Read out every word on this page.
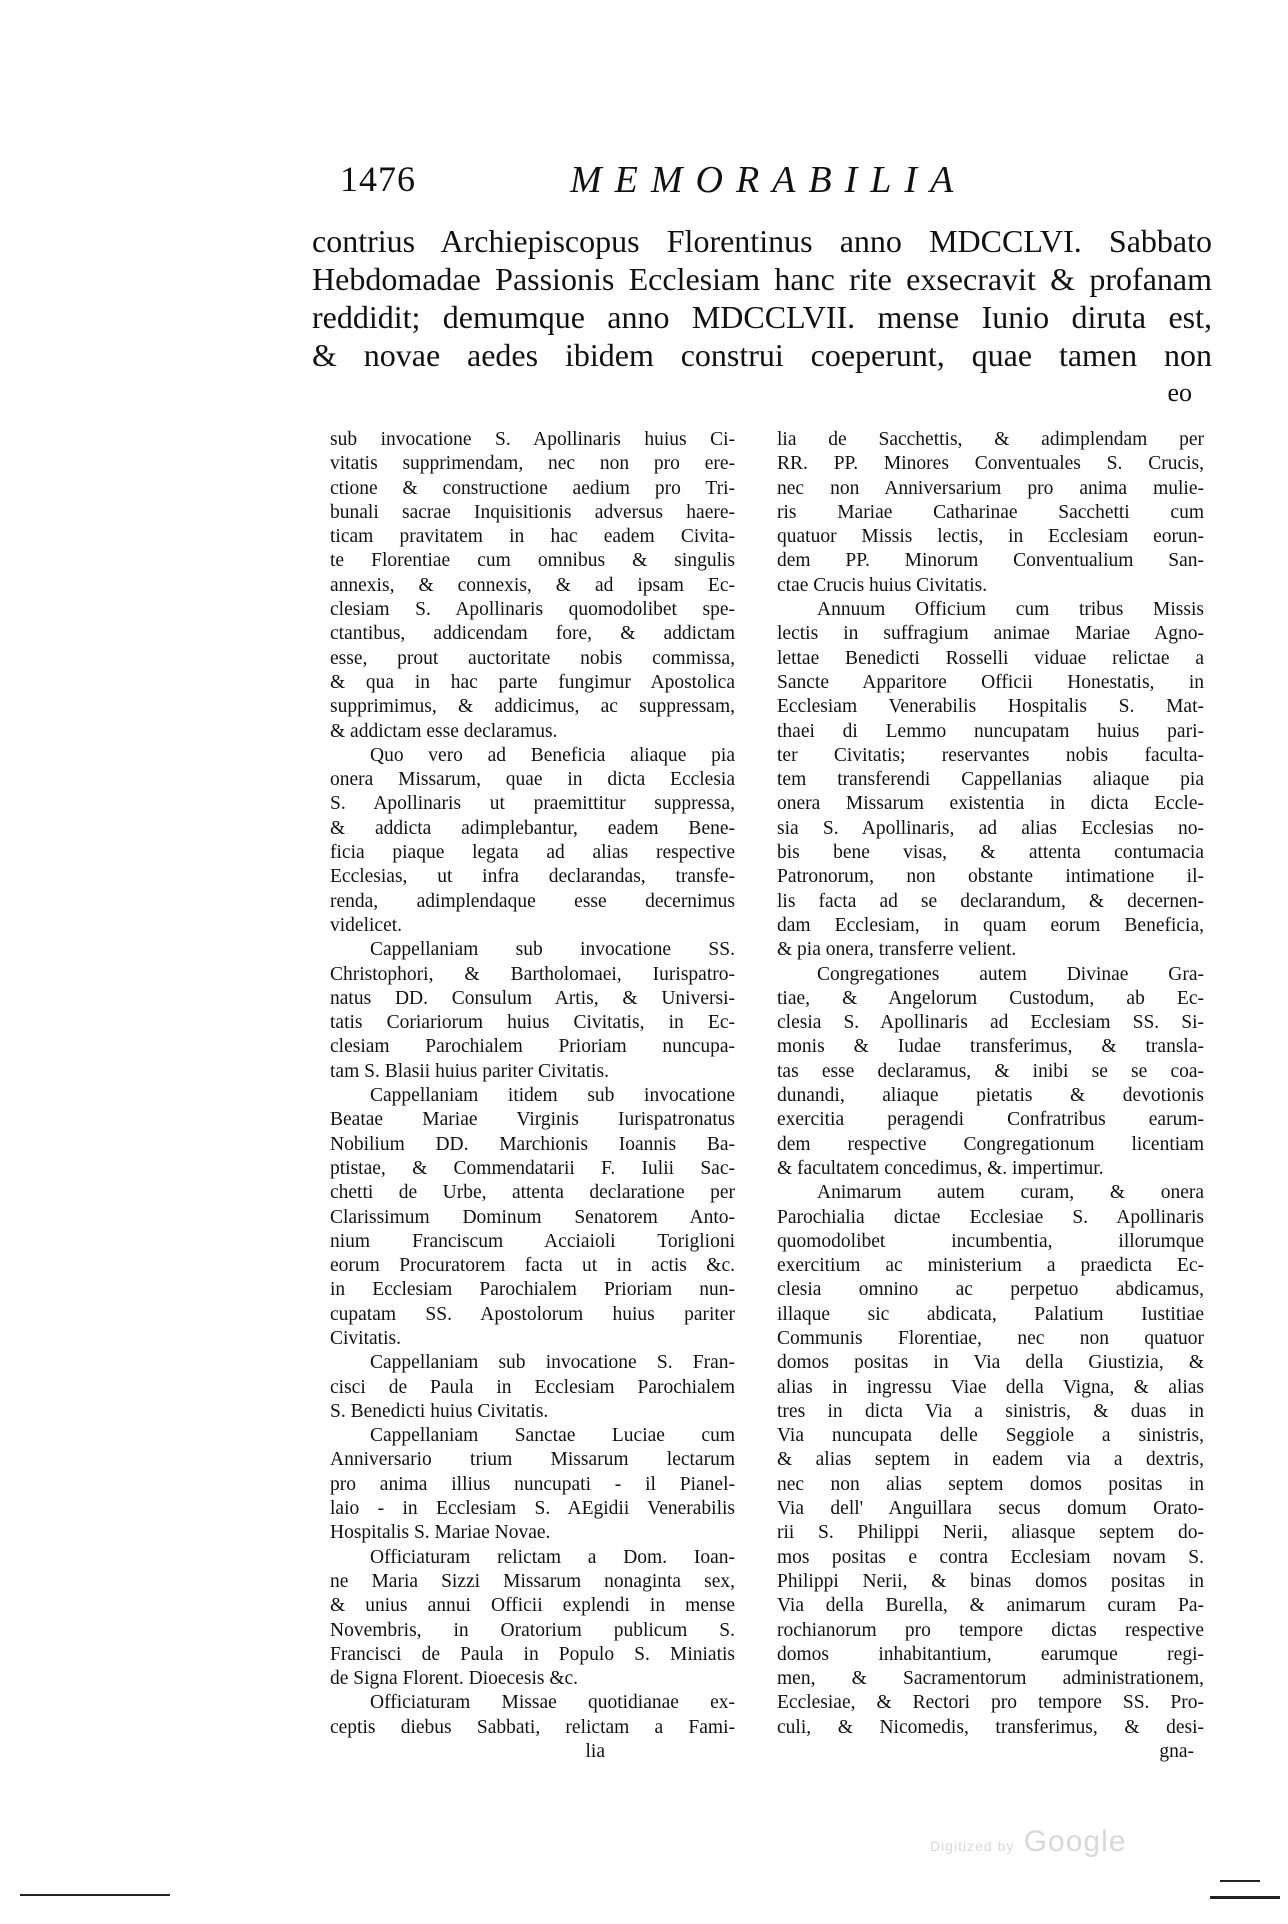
1476	MEMORABILIA
contrius Archiepiscopus Florentinus anno MDCCLVI. Sabbato
Hebdomadae Passionis Ecclesiam hanc rite exsecravit & profanam
reddidit; demumque anno MDCCLVII. mense Iunio diruta est,
& novae aedes ibidem construi coeperunt, quae tamen non
eo
sub invocatione S. Apollinaris huius Ci-
vitatis supprimendam, nec non pro ere-
ctione & constructione aedium pro Tri-
bunali sacrae Inquisitionis adversus haere-
ticam pravitatem in hac eadem Civita-
te Florentiae cum omnibus & singulis
annexis, & connexis, & ad ipsam Ec-
clesiam S. Apollinaris quomodolibet spe-
ctantibus, addicendam fore, & addictam
esse, prout auctoritate nobis commissa,
& qua in hac parte fungimur Apostolica
supprimimus, & addicimus, ac suppressam,
& addictam esse declaramus.
Quo vero ad Beneficia aliaque pia
onera Missarum, quae in dicta Ecclesia
S. Apollinaris ut praemittitur suppressa,
& addicta adimplebantur, eadem Bene-
ficia piaque legata ad alias respective
Ecclesias, ut infra declarandas, transfe-
renda, adimplendaque esse decernimus
videlicet.
Cappellaniam sub invocatione SS.
Christophori, & Bartholomaei, Iurispatro-
natus DD. Consulum Artis, & Universi-
tatis Coriariorum huius Civitatis, in Ec-
clesiam Parochialem Prioriam nuncupa-
tam S. Blasii huius pariter Civitatis.
Cappellaniam itidem sub invocatione
Beatae Mariae Virginis Iurispatronatus
Nobilium DD. Marchionis Ioannis Ba-
ptistae, & Commendatarii F. Iulii Sac-
chetti de Urbe, attenta declaratione per
Clarissimum Dominum Senatorem Anto-
nium Franciscum Acciaioli Toriglioni
eorum Procuratorem facta ut in actis &c.
in Ecclesiam Parochialem Prioriam nun-
cupatam SS. Apostolorum huius pariter
Civitatis.
Cappellaniam sub invocatione S. Fran-
cisci de Paula in Ecclesiam Parochialem
S. Benedicti huius Civitatis.
Cappellaniam Sanctae Luciae cum
Anniversario trium Missarum lectarum
pro anima illius nuncupati - il Pianel-
laio - in Ecclesiam S. AEgidii Venerabilis
Hospitalis S. Mariae Novae.
Officiaturam relictam a Dom. Ioan-
ne Maria Sizzi Missarum nonaginta sex,
& unius annui Officii explendi in mense
Novembris, in Oratorium publicum S.
Francisci de Paula in Populo S. Miniatis
de Signa Florent. Dioecesis &c.
Officiaturam Missae quotidianae ex-
ceptis diebus Sabbati, relictam a Fami-
lia
lia de Sacchettis, & adimplendam per
RR. PP. Minores Conventuales S. Crucis,
nec non Anniversarium pro anima mulie-
ris Mariae Catharinae Sacchetti cum
quatuor Missis lectis, in Ecclesiam eorun-
dem PP. Minorum Conventualium San-
ctae Crucis huius Civitatis.
Annuum Officium cum tribus Missis
lectis in suffragium animae Mariae Agno-
lettae Benedicti Rosselli viduae relictae a
Sancte Apparitore Officii Honestatis, in
Ecclesiam Venerabilis Hospitalis S. Mat-
thaei di Lemmo nuncupatam huius pari-
ter Civitatis; reservantes nobis faculta-
tem transferendi Cappellanias aliaque pia
onera Missarum existentia in dicta Eccle-
sia S. Apollinaris, ad alias Ecclesias no-
bis bene visas, & attenta contumacia
Patronorum, non obstante intimatione il-
lis facta ad se declarandum, & decernen-
dam Ecclesiam, in quam eorum Beneficia,
& pia onera, transferre velient.
Congregationes autem Divinae Gra-
tiae, & Angelorum Custodum, ab Ec-
clesia S. Apollinaris ad Ecclesiam SS. Si-
monis & Iudae transferimus, & transla-
tas esse declaramus, & inibi se se coa-
dunandi, aliaque pietatis & devotionis
exercitia peragendi Confratribus earum-
dem respective Congregationum licentiam
& facultatem concedimus, &. impertimur.
Animarum autem curam, & onera
Parochialia dictae Ecclesiae S. Apollinaris
quomodolibet incumbentia, illorumque
exercitium ac ministerium a praedicta Ec-
clesia omnino ac perpetuo abdicamus,
illaque sic abdicata, Palatium Iustitiae
Communis Florentiae, nec non quatuor
domos positas in Via della Giustizia, &
alias in ingressu Viae della Vigna, & alias
tres in dicta Via a sinistris, & duas in
Via nuncupata delle Seggiole a sinistris,
& alias septem in eadem via a dextris,
nec non alias septem domos positas in
Via dell' Anguillara secus domum Orato-
rii S. Philippi Nerii, aliasque septem do-
mos positas e contra Ecclesiam novam S.
Philippi Nerii, & binas domos positas in
Via della Burella, & animarum curam Pa-
rochianorum pro tempore dictas respective
domos inhabitantium, earumque regi-
men, & Sacramentorum administrationem,
Ecclesiae, & Rectori pro tempore SS. Pro-
culi, & Nicomedis, transferimus, & desi-
gna-
Digitized by Google
